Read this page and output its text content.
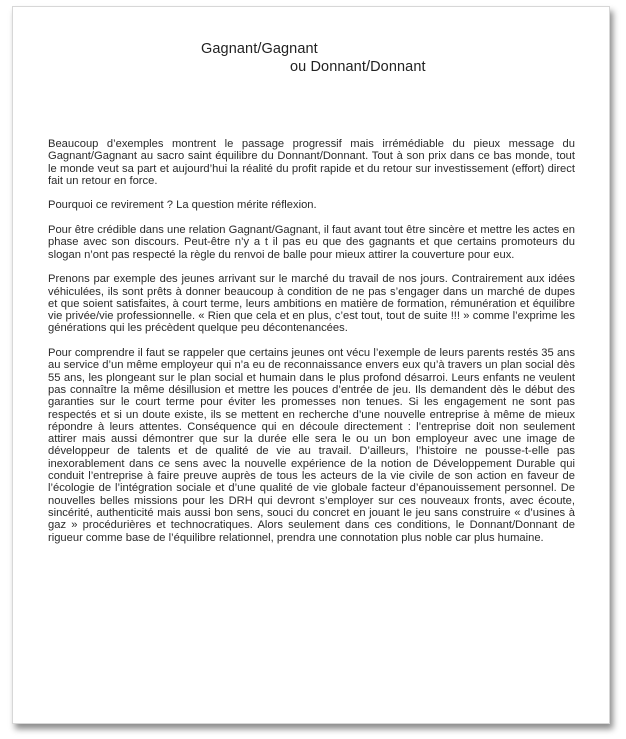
Gagnant/Gagnant
ou Donnant/Donnant

Beaucoup d’exemples montrent le passage progressif mais irrémédiable du pieux message du Gagnant/Gagnant au sacro saint équilibre du Donnant/Donnant. Tout à son prix dans ce bas monde, tout le monde veut sa part et aujourd’hui la réalité du profit rapide et du retour sur investissement (effort) direct fait un retour en force.

Pourquoi ce revirement ? La question mérite réflexion.

Pour être crédible dans une relation Gagnant/Gagnant, il faut avant tout être sincère et mettre les actes en phase avec son discours. Peut-être n’y a t il pas eu que des gagnants et que certains promoteurs du slogan n’ont pas respecté la règle du renvoi de balle pour mieux attirer la couverture pour eux.

Prenons par exemple des jeunes arrivant sur le marché du travail de nos jours. Contrairement aux idées véhiculées, ils sont prêts à donner beaucoup à condition de ne pas s’engager dans un marché de dupes et que soient satisfaites, à court terme, leurs ambitions en matière de formation, rémunération et équilibre vie privée/vie professionnelle. « Rien que cela et en plus, c’est tout, tout de suite !!! » comme l’exprime les générations qui les précèdent quelque peu décontenancées.

Pour comprendre il faut se rappeler que certains jeunes ont vécu l’exemple de leurs parents restés 35 ans au service d’un même employeur qui n’a eu de reconnaissance envers eux qu’à travers un plan social dès 55 ans, les plongeant sur le plan social et humain dans le plus profond désarroi. Leurs enfants ne veulent pas connaître la même désillusion et mettre les pouces d’entrée de jeu. Ils demandent dès le début des garanties sur le court terme pour éviter les promesses non tenues. Si les engagement ne sont pas respectés et si un doute existe, ils se mettent en recherche d’une nouvelle entreprise à même de mieux répondre à leurs attentes. Conséquence qui en découle directement : l’entreprise doit non seulement attirer mais aussi démontrer que sur la durée elle sera le ou un bon employeur avec une image de développeur de talents et de qualité de vie au travail. D’ailleurs, l’histoire ne pousse-t-elle pas inexorablement dans ce sens avec la nouvelle expérience de la notion de Développement Durable qui conduit l’entreprise à faire preuve auprès de tous les acteurs de la vie civile de son action en faveur de l’écologie de l’intégration sociale et d’une qualité de vie globale facteur d’épanouissement personnel. De nouvelles belles missions pour les DRH qui devront s’employer sur ces nouveaux fronts, avec écoute, sincérité, authenticité mais aussi bon sens, souci du concret en jouant le jeu sans construire « d’usines à gaz » procédurières et technocratiques. Alors seulement dans ces conditions, le Donnant/Donnant de rigueur comme base de l’équilibre relationnel, prendra une connotation plus noble car plus humaine.
